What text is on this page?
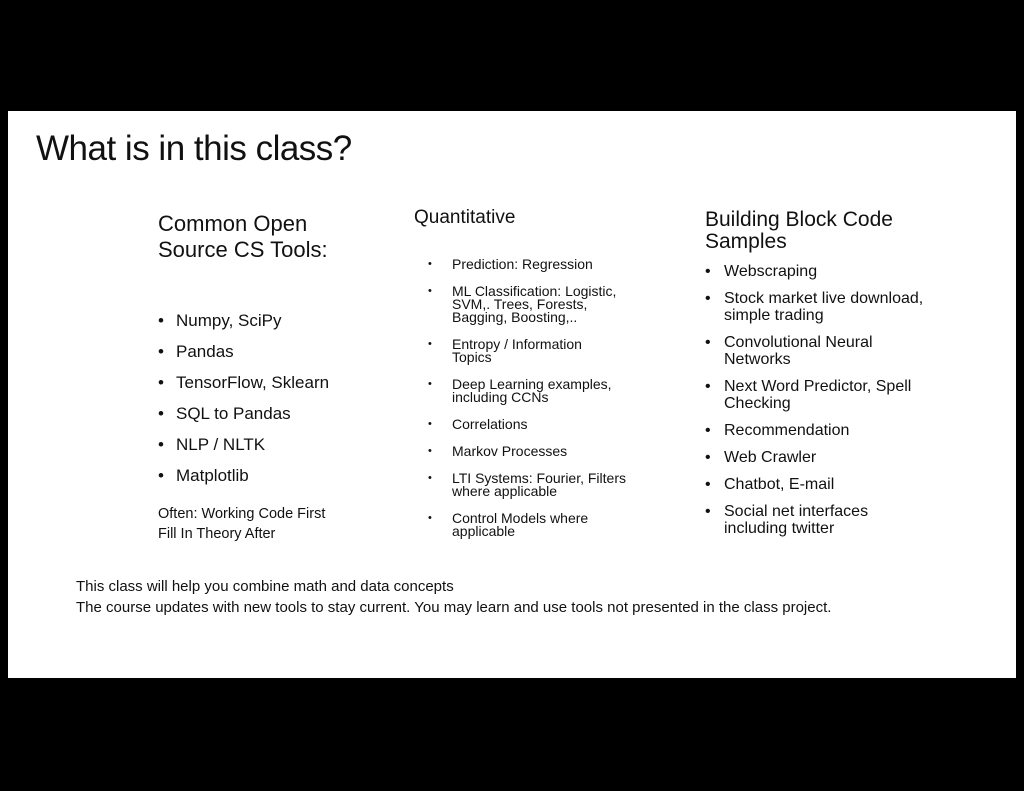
What is in this class?
Common Open
Source CS Tools:
• Numpy, SciPy
• Pandas
• TensorFlow, Sklearn
• SQL to Pandas
• NLP / NLTK
• Matplotlib
Often: Working Code First
Fill In Theory After
Quantitative
• Prediction: Regression
• ML Classification: Logistic,
SVM,. Trees, Forests,
Bagging, Boosting,..
• Entropy / Information
Topics
• Deep Learning examples,
including CCNs
• Correlations
• Markov Processes
• LTI Systems: Fourier, Filters
where applicable
• Control Models where
applicable
Building Block Code
Samples
• Webscraping
• Stock market live download,
simple trading
• Convolutional Neural
Networks
• Next Word Predictor, Spell
Checking
• Recommendation
• Web Crawler
• Chatbot, E-mail
• Social net interfaces
including twitter
This class will help you combine math and data concepts
The course updates with new tools to stay current. You may learn and use tools not presented in the class project.
